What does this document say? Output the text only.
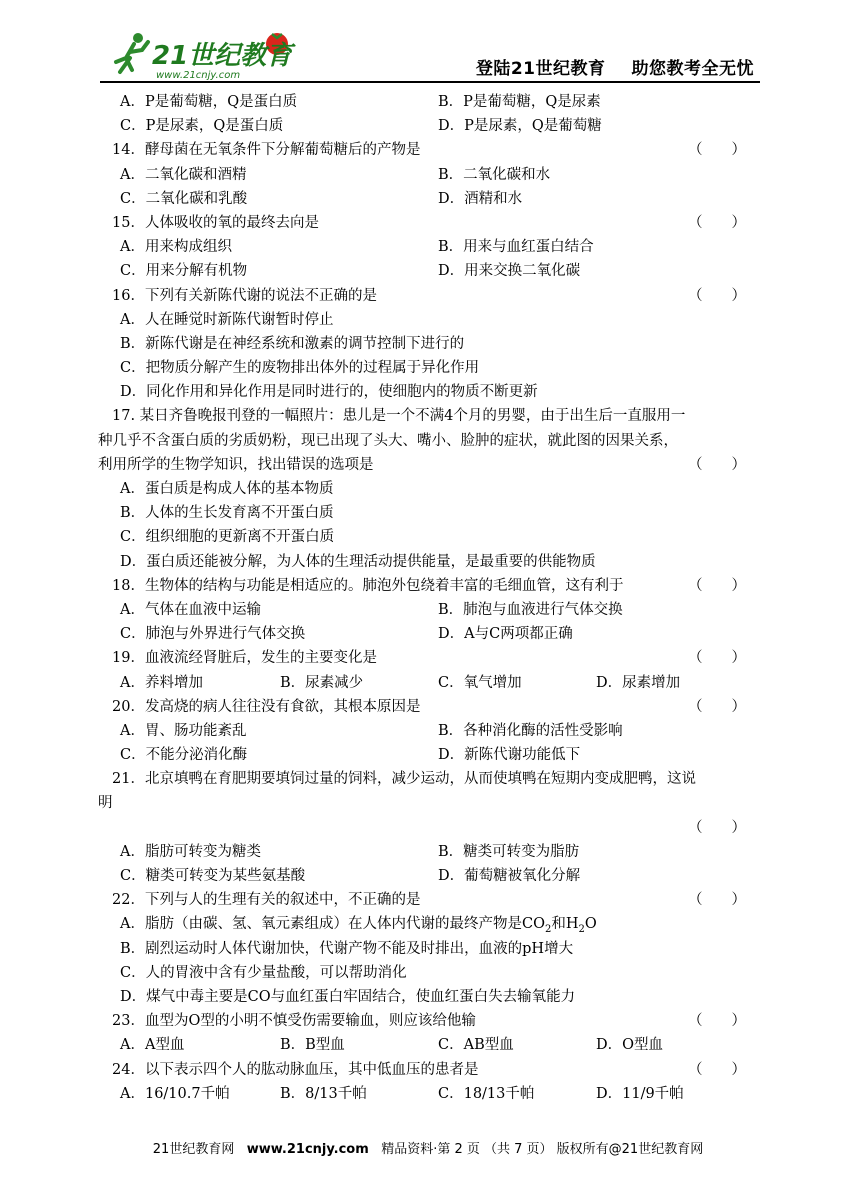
21世纪教育
www.21cnjy.com	登陆21世纪教育 助您教考全无忧
A．P是葡萄糖，Q是蛋白质	B．P是葡萄糖，Q是尿素
C．P是尿素，Q是蛋白质	D．P是尿素，Q是葡萄糖
14．酵母菌在无氧条件下分解葡萄糖后的产物是	（　　）
A．二氧化碳和酒精	B．二氧化碳和水
C．二氧化碳和乳酸	D．酒精和水
15．人体吸收的氧的最终去向是	（　　）
A．用来构成组织	B．用来与血红蛋白结合
C．用来分解有机物	D．用来交换二氧化碳
16．下列有关新陈代谢的说法不正确的是	（　　）
A．人在睡觉时新陈代谢暂时停止
B．新陈代谢是在神经系统和激素的调节控制下进行的
C．把物质分解产生的废物排出体外的过程属于异化作用
D．同化作用和异化作用是同时进行的，使细胞内的物质不断更新
17. 某日齐鲁晚报刊登的一幅照片：患儿是一个不满4个月的男婴，由于出生后一直服用一
种几乎不含蛋白质的劣质奶粉，现已出现了头大、嘴小、脸肿的症状，就此图的因果关系，
利用所学的生物学知识，找出错误的选项是	（　　）
A．蛋白质是构成人体的基本物质
B．人体的生长发育离不开蛋白质
C．组织细胞的更新离不开蛋白质
D．蛋白质还能被分解，为人体的生理活动提供能量，是最重要的供能物质
18．生物体的结构与功能是相适应的。肺泡外包绕着丰富的毛细血管，这有利于	（　　）
A．气体在血液中运输	B．肺泡与血液进行气体交换
C．肺泡与外界进行气体交换	D．A与C两项都正确
19．血液流经肾脏后，发生的主要变化是	（　　）
A．养料增加	B．尿素减少	C．氧气增加	D．尿素增加
20．发高烧的病人往往没有食欲，其根本原因是	（　　）
A．胃、肠功能紊乱	B．各种消化酶的活性受影响
C．不能分泌消化酶	D．新陈代谢功能低下
21．北京填鸭在育肥期要填饲过量的饲料，减少运动，从而使填鸭在短期内变成肥鸭，这说
明
（　　）
A．脂肪可转变为糖类	B．糖类可转变为脂肪
C．糖类可转变为某些氨基酸	D．葡萄糖被氧化分解
22．下列与人的生理有关的叙述中，不正确的是	（　　）
A．脂肪（由碳、氢、氧元素组成）在人体内代谢的最终产物是$CO_2$和$H_2O$
B．剧烈运动时人体代谢加快，代谢产物不能及时排出，血液的pH增大
C．人的胃液中含有少量盐酸，可以帮助消化
D．煤气中毒主要是CO与血红蛋白牢固结合，使血红蛋白失去输氧能力
23．血型为O型的小明不慎受伤需要输血，则应该给他输	（　　）
A．A型血	B．B型血	C．AB型血	D．O型血
24．以下表示四个人的肱动脉血压，其中低血压的患者是	（　　）
A．16/10.7千帕	B．8/13千帕	C．18/13千帕	D．11/9千帕
21世纪教育网 www.21cnjy.com 精品资料·第 2 页 （共 7 页） 版权所有@21世纪教育网
